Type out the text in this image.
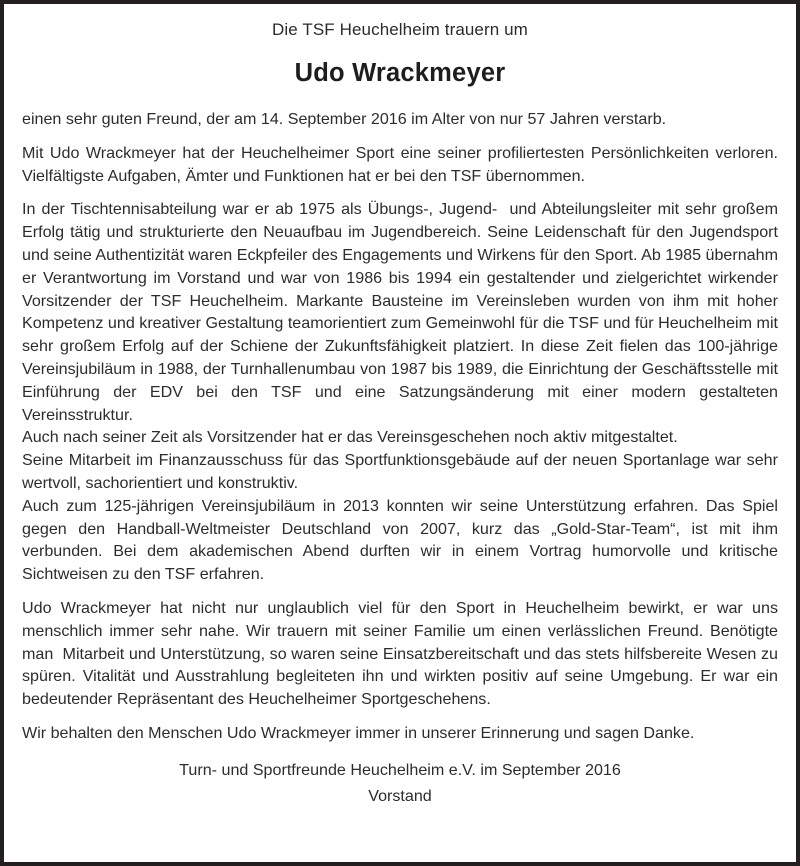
Die TSF Heuchelheim trauern um
Udo Wrackmeyer

einen sehr guten Freund, der am 14. September 2016 im Alter von nur 57 Jahren verstarb.

Mit Udo Wrackmeyer hat der Heuchelheimer Sport eine seiner profiliertesten Persönlichkeiten verloren. Vielfältigste Aufgaben, Ämter und Funktionen hat er bei den TSF übernommen.

In der Tischtennisabteilung war er ab 1975 als Übungs-, Jugend-  und Abteilungsleiter mit sehr großem Erfolg tätig und strukturierte den Neuaufbau im Jugendbereich. Seine Leidenschaft für den Jugendsport und seine Authentizität waren Eckpfeiler des Engagements und Wirkens für den Sport. Ab 1985 übernahm er Verantwortung im Vorstand und war von 1986 bis 1994 ein gestaltender und zielgerichtet wirkender Vorsitzender der TSF Heuchelheim. Markante Bausteine im Vereinsleben wurden von ihm mit hoher Kompetenz und kreativer Gestaltung teamorientiert zum Gemeinwohl für die TSF und für Heuchelheim mit sehr großem Erfolg auf der Schiene der Zukunftsfähigkeit platziert. In diese Zeit fielen das 100-jährige Vereinsjubiläum in 1988, der Turnhallenumbau von 1987 bis 1989, die Einrichtung der Geschäftsstelle mit Einführung der EDV bei den TSF und eine Satzungsänderung mit einer modern gestalteten Vereinsstruktur.

Auch nach seiner Zeit als Vorsitzender hat er das Vereinsgeschehen noch aktiv mitgestaltet.

Seine Mitarbeit im Finanzausschuss für das Sportfunktionsgebäude auf der neuen Sportanlage war sehr wertvoll, sachorientiert und konstruktiv.

Auch zum 125-jährigen Vereinsjubiläum in 2013 konnten wir seine Unterstützung erfahren. Das Spiel gegen den Handball-Weltmeister Deutschland von 2007, kurz das „Gold-Star-Team“, ist mit ihm verbunden. Bei dem akademischen Abend durften wir in einem Vortrag humorvolle und kritische Sichtweisen zu den TSF erfahren.

Udo Wrackmeyer hat nicht nur unglaublich viel für den Sport in Heuchelheim bewirkt, er war uns menschlich immer sehr nahe. Wir trauern mit seiner Familie um einen verlässlichen Freund. Benötigte man  Mitarbeit und Unterstützung, so waren seine Einsatzbereitschaft und das stets hilfsbereite Wesen zu spüren. Vitalität und Ausstrahlung begleiteten ihn und wirkten positiv auf seine Umgebung. Er war ein bedeutender Repräsentant des Heuchelheimer Sportgeschehens.

Wir behalten den Menschen Udo Wrackmeyer immer in unserer Erinnerung und sagen Danke.

Turn- und Sportfreunde Heuchelheim e.V. im September 2016
Vorstand
